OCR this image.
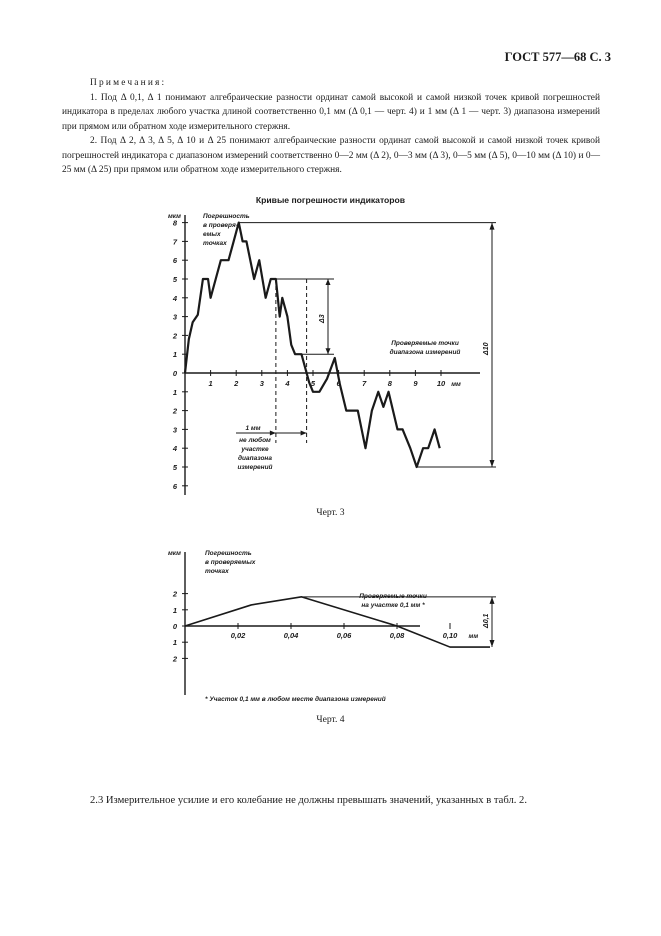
ГОСТ 577—68 С. 3

Примечания:

1. Под Δ 0,1, Δ 1 понимают алгебраические разности ординат самой высокой и самой низкой точек кривой погрешностей индикатора в пределах любого участка длиной соответственно 0,1 мм (Δ 0,1 — черт. 4) и 1 мм (Δ 1 — черт. 3) диапазона измерений при прямом или обратном ходе измерительного стержня.

2. Под Δ 2, Δ 3, Δ 5, Δ 10 и Δ 25 понимают алгебраические разности ординат самой высокой и самой низкой точек кривой погрешностей индикатора с диапазоном измерений соответственно 0—2 мм (Δ 2), 0—3 мм (Δ 3), 0—5 мм (Δ 5), 0—10 мм (Δ 10) и 0—25 мм (Δ 25) при прямом или обратном ходе измерительного стержня.

Кривые погрешности индикаторов
8
7
6
5
4
3
2
1
0
1
2
3
4
5
6
1	2	3	4	5	6	7	8	9	10
мкм
мм
Погрешность
в проверя-
емых
точках
Проверяемые точки
диапазона измерений	Δ10
Δ3
1 мм
не любом
участке
диапазона
измерений
Черт. 3
2
1
0
1
2
0,02	0,04	0,06	0,08	0,10
мкм
мм
Погрешность
в проверяемых
точках
Проверяемые точки
на участке 0,1 мм *
Δ0,1
* Участок 0,1 мм в любом месте диапазона измерений
Черт. 4

2.3 Измерительное усилие и его колебание не должны превышать значений, указанных в табл. 2.
